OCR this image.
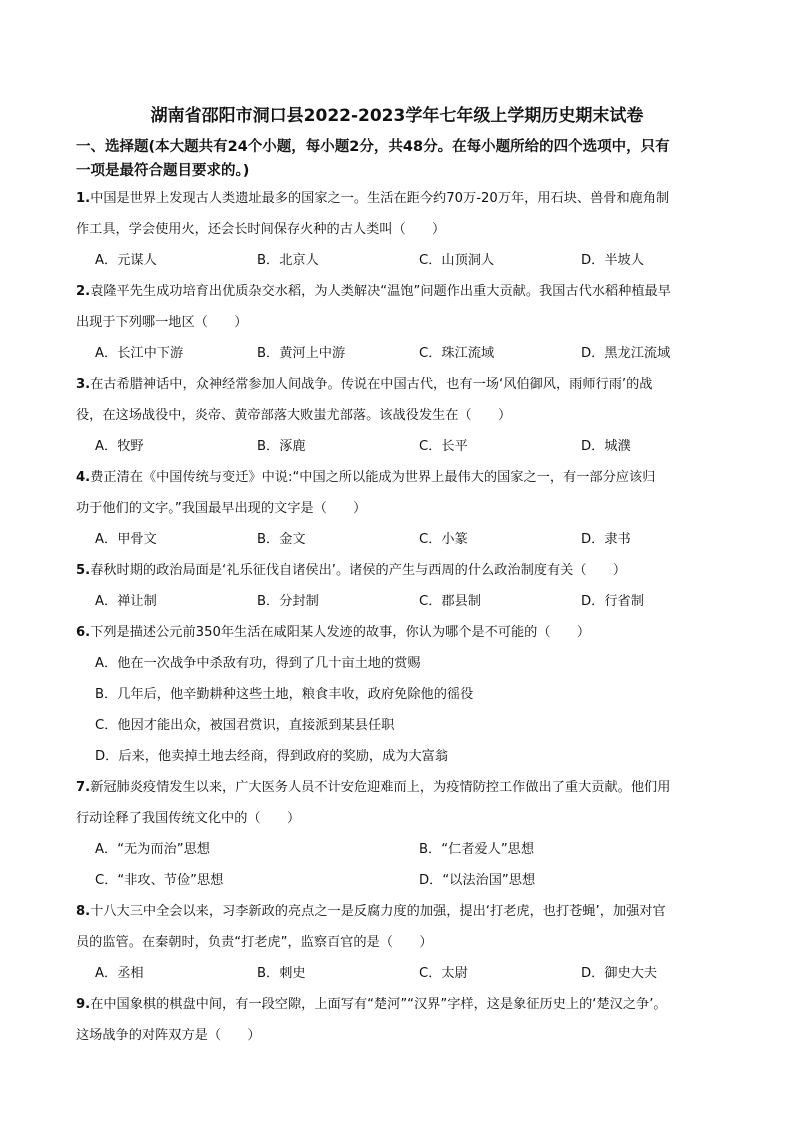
湖南省邵阳市洞口县2022-2023学年七年级上学期历史期末试卷
一、选择题(本大题共有24个小题，每小题2分，共48分。在每小题所给的四个选项中，只有
一项是最符合题目要求的。)
1.中国是世界上发现古人类遗址最多的国家之一。生活在距今约70万-20万年，用石块、兽骨和鹿角制
作工具，学会使用火，还会长时间保存火种的古人类叫（　　）
A．元谋人	B．北京人	C．山顶洞人	D．半坡人
2.袁隆平先生成功培育出优质杂交水稻，为人类解决“温饱”问题作出重大贡献。我国古代水稻种植最早
出现于下列哪一地区（　　）
A．长江中下游	B．黄河上中游	C．珠江流域	D．黑龙江流域
3.在古希腊神话中，众神经常参加人间战争。传说在中国古代，也有一场‘风伯御风，雨师行雨’的战
役，在这场战役中，炎帝、黄帝部落大败蚩尤部落。该战役发生在（　　）
A．牧野	B．涿鹿	C．长平	D．城濮
4.费正清在《中国传统与变迁》中说:“中国之所以能成为世界上最伟大的国家之一，有一部分应该归
功于他们的文字。”我国最早出现的文字是（　　）
A．甲骨文	B．金文	C．小篆	D．隶书
5.春秋时期的政治局面是‘礼乐征伐自诸侯出’。诸侯的产生与西周的什么政治制度有关（　　）
A．禅让制	B．分封制	C．郡县制	D．行省制
6.下列是描述公元前350年生活在咸阳某人发迹的故事，你认为哪个是不可能的（　　）
A．他在一次战争中杀敌有功，得到了几十亩土地的赏赐
B．几年后，他辛勤耕种这些土地，粮食丰收，政府免除他的徭役
C．他因才能出众，被国君赏识，直接派到某县任职
D．后来，他卖掉土地去经商，得到政府的奖励，成为大富翁
7.新冠肺炎疫情发生以来，广大医务人员不计安危迎难而上，为疫情防控工作做出了重大贡献。他们用
行动诠释了我国传统文化中的（　　）
A．“无为而治”思想	B．“仁者爱人”思想
C．“非攻、节俭”思想	D．“以法治国”思想
8.十八大三中全会以来，习李新政的亮点之一是反腐力度的加强，提出‘打老虎，也打苍蝇’，加强对官
员的监管。在秦朝时，负责“打老虎”，监察百官的是（　　）
A．丞相	B．刺史	C．太尉	D．御史大夫
9.在中国象棋的棋盘中间，有一段空隙，上面写有“楚河”“汉界”字样，这是象征历史上的‘楚汉之争’。
这场战争的对阵双方是（　　）
